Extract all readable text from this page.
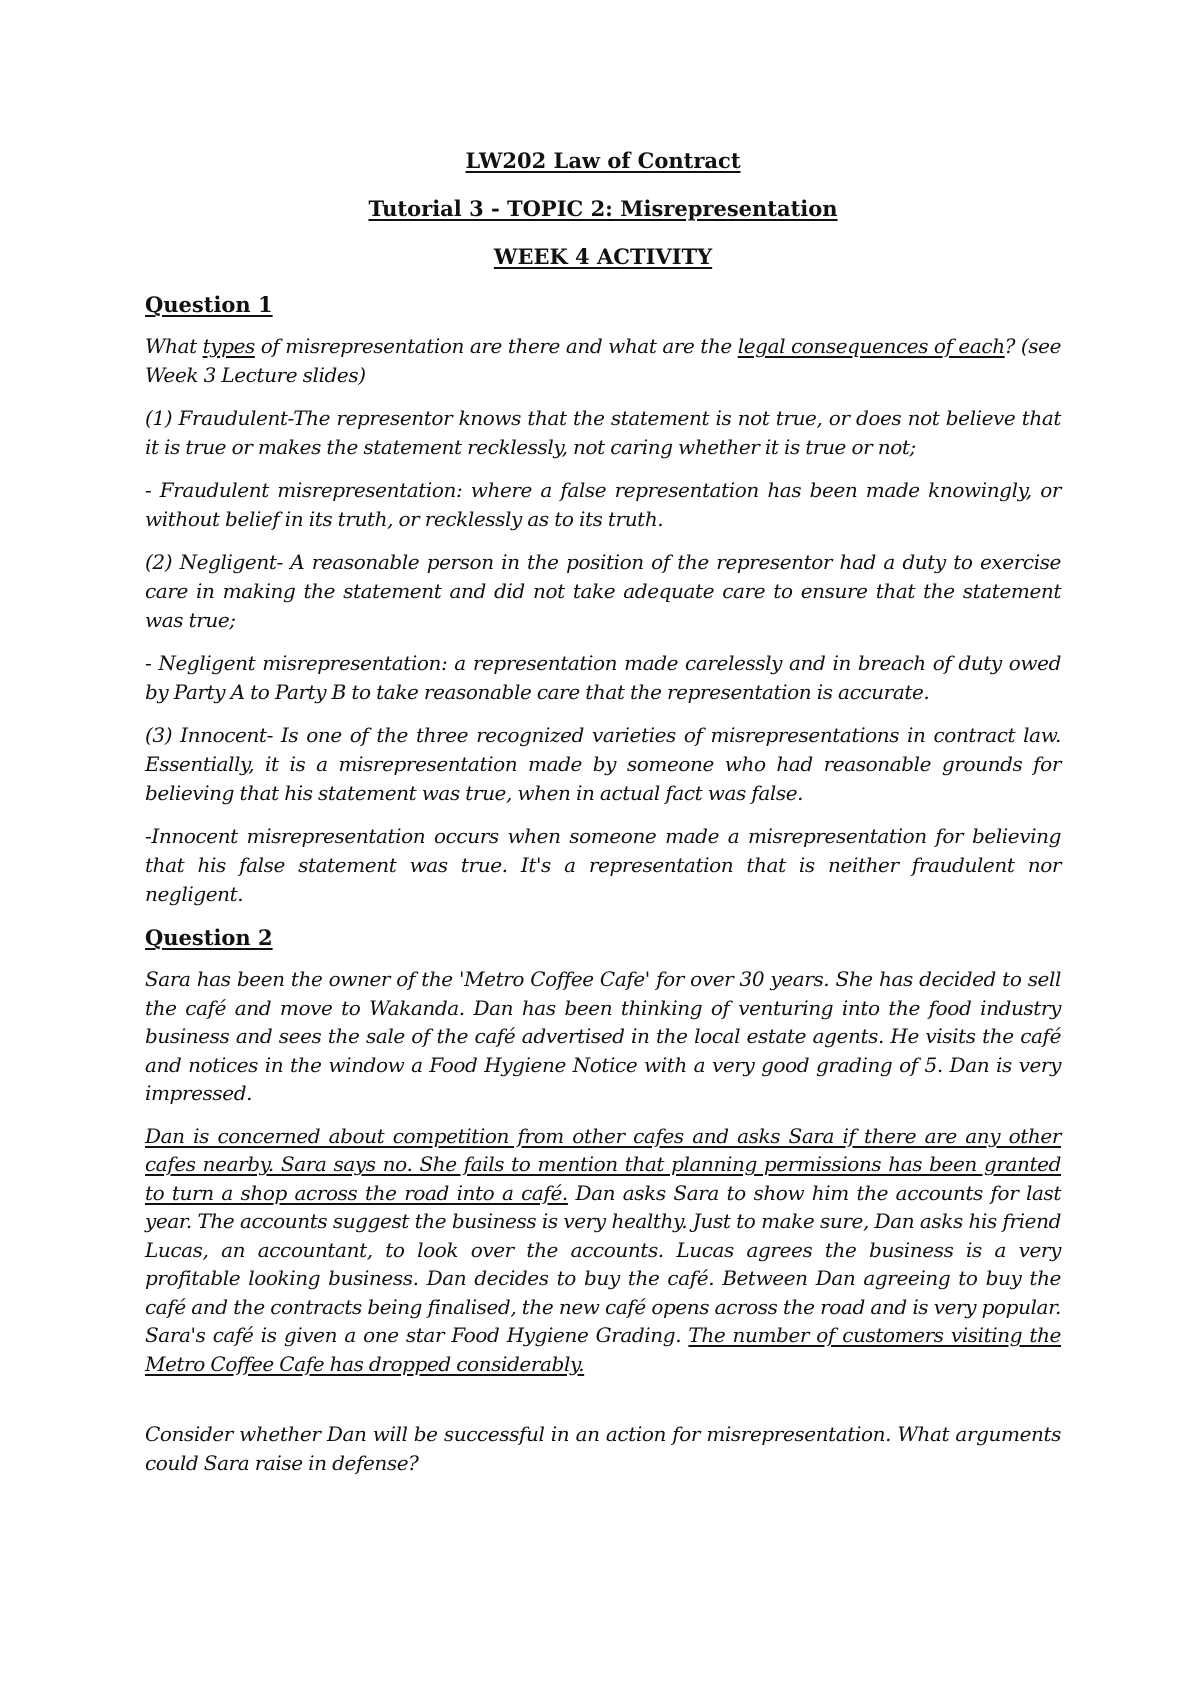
LW202 Law of Contract
Tutorial 3 - TOPIC 2: Misrepresentation
WEEK 4 ACTIVITY
Question 1

What types of misrepresentation are there and what are the legal consequences of each? (see Week 3 Lecture slides)

(1) Fraudulent-The representor knows that the statement is not true, or does not believe that it is true or makes the statement recklessly, not caring whether it is true or not;

- Fraudulent misrepresentation: where a false representation has been made knowingly, or without belief in its truth, or recklessly as to its truth.

(2) Negligent- A reasonable person in the position of the representor had a duty to exercise care in making the statement and did not take adequate care to ensure that the statement was true;

- Negligent misrepresentation: a representation made carelessly and in breach of duty owed by Party A to Party B to take reasonable care that the representation is accurate.

(3) Innocent- Is one of the three recognized varieties of misrepresentations in contract law. Essentially, it is a misrepresentation made by someone who had reasonable grounds for believing that his statement was true, when in actual fact was false.

-Innocent misrepresentation occurs when someone made a misrepresentation for believing that his false statement was true. It's a representation that is neither fraudulent nor negligent.

Question 2

Sara has been the owner of the 'Metro Coffee Cafe' for over 30 years. She has decided to sell the café and move to Wakanda. Dan has been thinking of venturing into the food industry business and sees the sale of the café advertised in the local estate agents. He visits the café and notices in the window a Food Hygiene Notice with a very good grading of 5. Dan is very impressed.

Dan is concerned about competition from other cafes and asks Sara if there are any other cafes nearby. Sara says no. She fails to mention that planning permissions has been granted to turn a shop across the road into a café. Dan asks Sara to show him the accounts for last year. The accounts suggest the business is very healthy. Just to make sure, Dan asks his friend Lucas, an accountant, to look over the accounts. Lucas agrees the business is a very profitable looking business. Dan decides to buy the café. Between Dan agreeing to buy the café and the contracts being finalised, the new café opens across the road and is very popular. Sara's café is given a one star Food Hygiene Grading. The number of customers visiting the Metro Coffee Cafe has dropped considerably.

Consider whether Dan will be successful in an action for misrepresentation. What arguments could Sara raise in defense?
